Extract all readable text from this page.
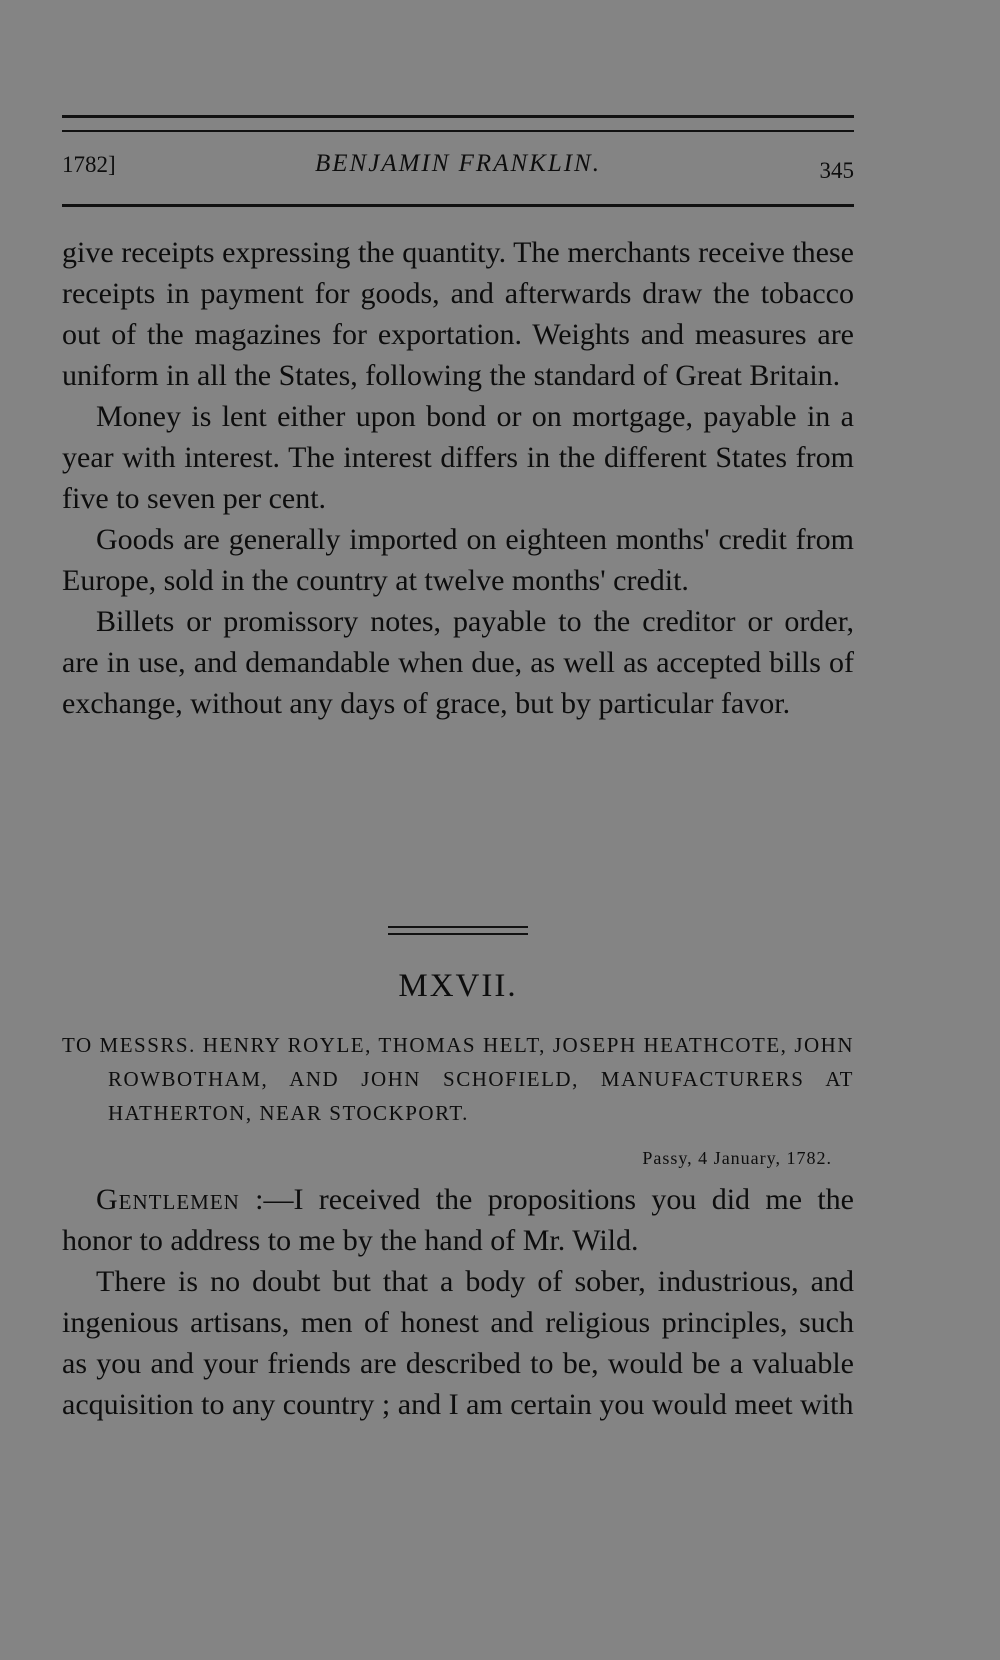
1782]	BENJAMIN FRANKLIN.	345

give receipts expressing the quantity. The merchants receive these receipts in payment for goods, and afterwards draw the tobacco out of the magazines for exportation. Weights and measures are uniform in all the States, following the standard of Great Britain.

Money is lent either upon bond or on mortgage, payable in a year with interest. The interest differs in the different States from five to seven per cent.

Goods are generally imported on eighteen months' credit from Europe, sold in the country at twelve months' credit.

Billets or promissory notes, payable to the creditor or order, are in use, and demandable when due, as well as accepted bills of exchange, without any days of grace, but by particular favor.

MXVII.
TO MESSRS. HENRY ROYLE, THOMAS HELT, JOSEPH HEATHCOTE, JOHN ROWBOTHAM, AND JOHN SCHOFIELD, MANUFACTURERS AT HATHERTON, NEAR STOCKPORT.
Passy, 4 January, 1782.

Gentlemen :—I received the propositions you did me the honor to address to me by the hand of Mr. Wild.

There is no doubt but that a body of sober, industrious, and ingenious artisans, men of honest and religious principles, such as you and your friends are described to be, would be a valuable acquisition to any country ; and I am certain you would meet with
